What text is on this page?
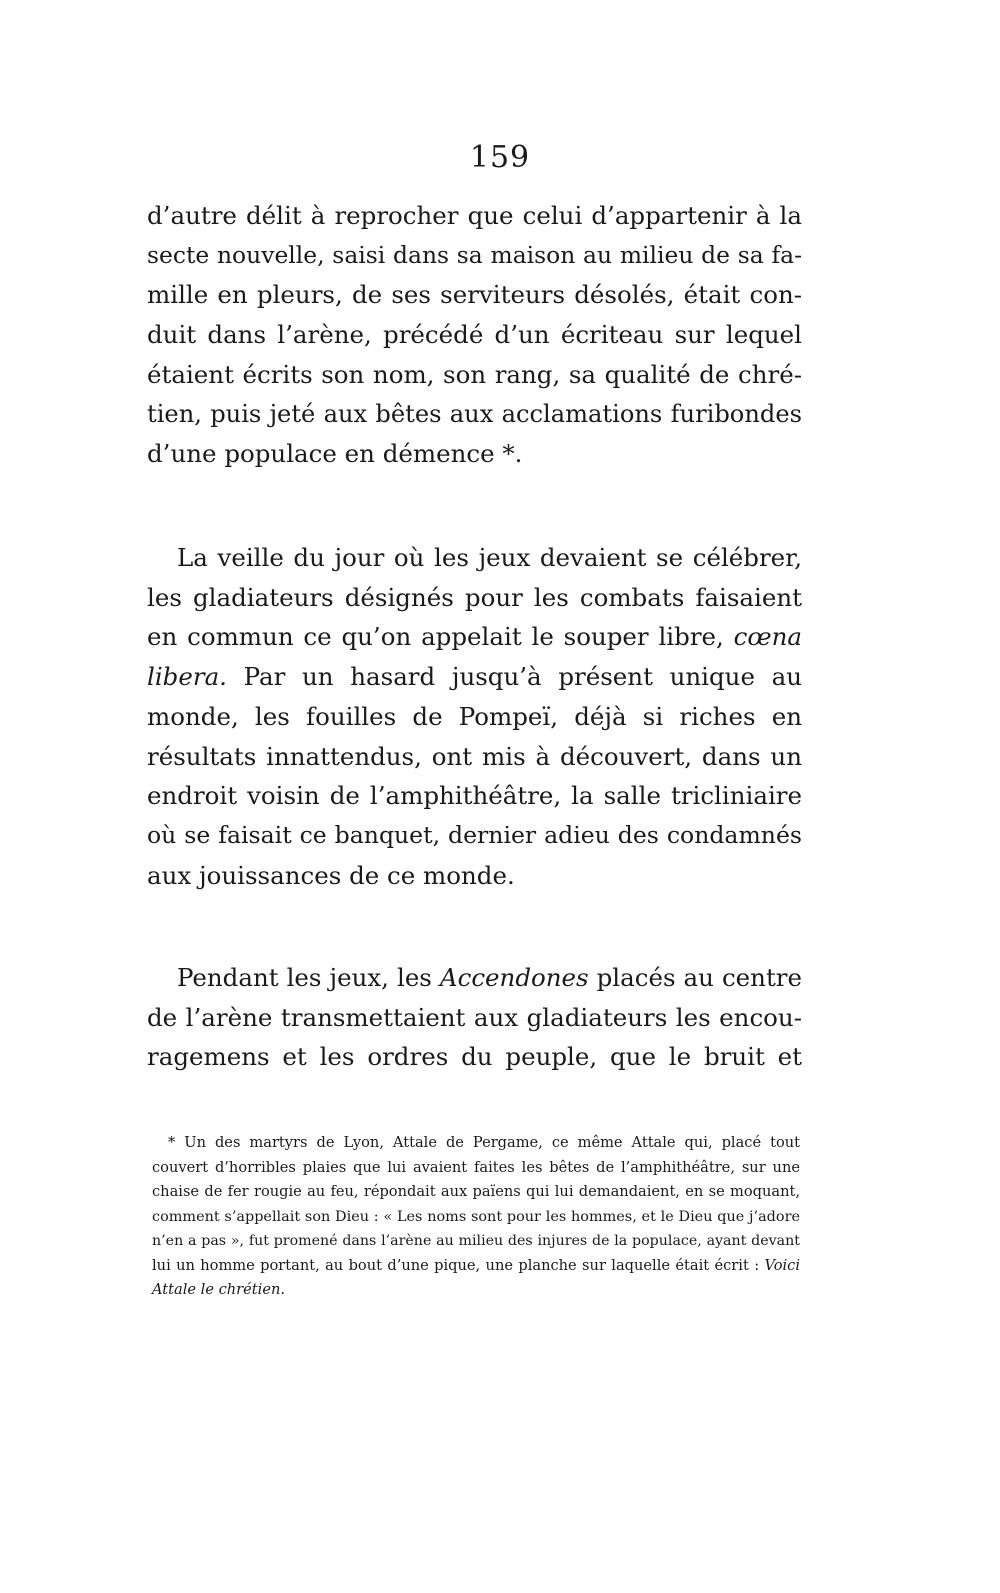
159

d’autre délit à reprocher que celui d’appartenir à la
secte nouvelle, saisi dans sa maison au milieu de sa fa-
mille en pleurs, de ses serviteurs désolés, était con-
duit dans l’arène, précédé d’un écriteau sur lequel
étaient écrits son nom, son rang, sa qualité de chré-
tien, puis jeté aux bêtes aux acclamations furibondes
d’une populace en démence *.

La veille du jour où les jeux devaient se célébrer,
les gladiateurs désignés pour les combats faisaient
en commun ce qu’on appelait le souper libre, cœna
libera. Par un hasard jusqu’à présent unique au
monde, les fouilles de Pompeï, déjà si riches en
résultats innattendus, ont mis à découvert, dans un
endroit voisin de l’amphithéâtre, la salle tricliniaire
où se faisait ce banquet, dernier adieu des condamnés
aux jouissances de ce monde.

Pendant les jeux, les Accendones placés au centre
de l’arène transmettaient aux gladiateurs les encou-
ragemens et les ordres du peuple, que le bruit et

* Un des martyrs de Lyon, Attale de Pergame, ce même Attale qui, placé tout
couvert d’horribles plaies que lui avaient faites les bêtes de l’amphithéâtre, sur une
chaise de fer rougie au feu, répondait aux païens qui lui demandaient, en se moquant,
comment s’appellait son Dieu : « Les noms sont pour les hommes, et le Dieu que j’adore
n’en a pas », fut promené dans l’arène au milieu des injures de la populace, ayant devant
lui un homme portant, au bout d’une pique, une planche sur laquelle était écrit : Voici
Attale le chrétien.
